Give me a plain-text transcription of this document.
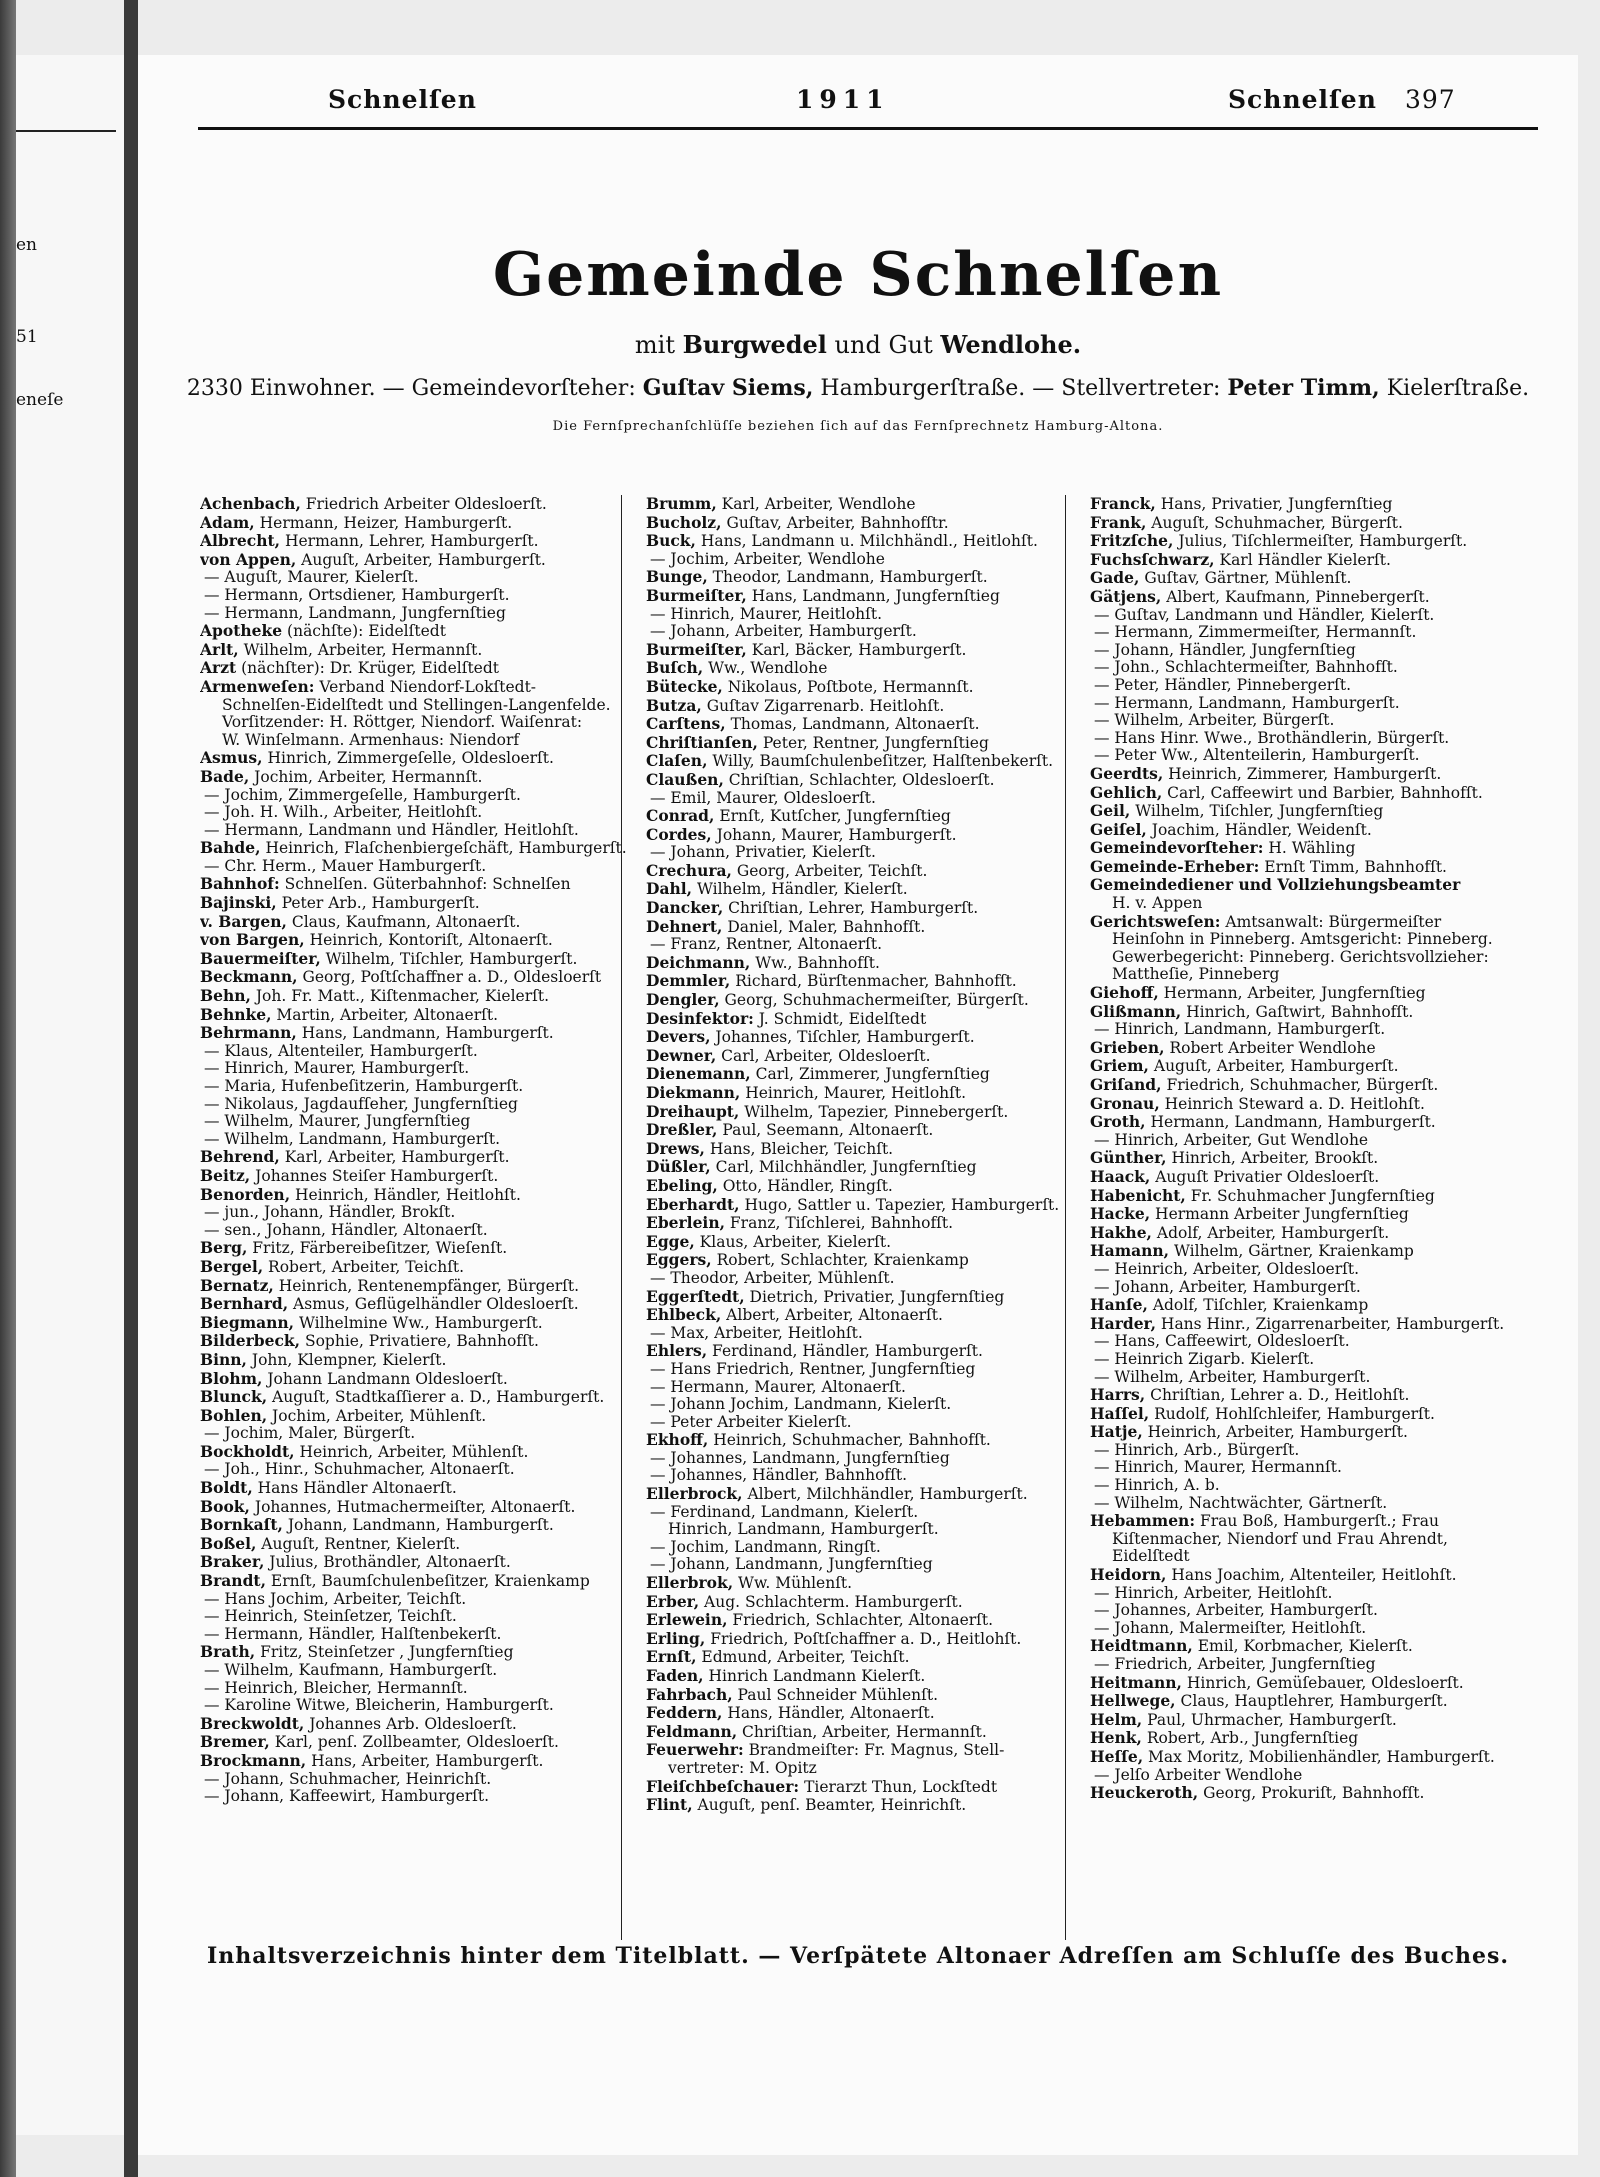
en
51
eneſe
Schnelſen	1911	Schnelſen 397
Gemeinde Schnelſen
mit Burgwedel und Gut Wendlohe.
2330 Einwohner. — Gemeindevorſteher: Guſtav Siems, Hamburgerſtraße. — Stellvertreter: Peter Timm, Kielerſtraße.
Die Fernſprechanſchlüſſe beziehen ſich auf das Fernſprechnetz Hamburg-Altona.
Achenbach, Friedrich Arbeiter Oldesloerſt.
Adam, Hermann, Heizer, Hamburgerſt.
Albrecht, Hermann, Lehrer, Hamburgerſt.
von Appen, Auguſt, Arbeiter, Hamburgerſt.
— Auguſt, Maurer, Kielerſt.
— Hermann, Ortsdiener, Hamburgerſt.
— Hermann, Landmann, Jungfernſtieg
Apotheke (nächſte): Eidelſtedt
Arlt, Wilhelm, Arbeiter, Hermannſt.
Arzt (nächſter): Dr. Krüger, Eidelſtedt
Armenweſen: Verband Niendorf-Lokſtedt-
Schnelſen-Eidelſtedt und Stellingen-Langenfelde.
Vorſitzender: H. Röttger, Niendorf. Waiſenrat:
W. Winſelmann. Armenhaus: Niendorf
Asmus, Hinrich, Zimmergeſelle, Oldesloerſt.
Bade, Jochim, Arbeiter, Hermannſt.
— Jochim, Zimmergeſelle, Hamburgerſt.
— Joh. H. Wilh., Arbeiter, Heitlohſt.
— Hermann, Landmann und Händler, Heitlohſt.
Bahde, Heinrich, Flaſchenbiergeſchäft, Hamburgerſt.
— Chr. Herm., Mauer Hamburgerſt.
Bahnhof: Schnelſen. Güterbahnhof: Schnelſen
Bajinski, Peter Arb., Hamburgerſt.
v. Bargen, Claus, Kaufmann, Altonaerſt.
von Bargen, Heinrich, Kontoriſt, Altonaerſt.
Bauermeiſter, Wilhelm, Tiſchler, Hamburgerſt.
Beckmann, Georg, Poſtſchaffner a. D., Oldesloerſt
Behn, Joh. Fr. Matt., Kiſtenmacher, Kielerſt.
Behnke, Martin, Arbeiter, Altonaerſt.
Behrmann, Hans, Landmann, Hamburgerſt.
— Klaus, Altenteiler, Hamburgerſt.
— Hinrich, Maurer, Hamburgerſt.
— Maria, Hufenbeſitzerin, Hamburgerſt.
— Nikolaus, Jagdaufſeher, Jungfernſtieg
— Wilhelm, Maurer, Jungfernſtieg
— Wilhelm, Landmann, Hamburgerſt.
Behrend, Karl, Arbeiter, Hamburgerſt.
Beitz, Johannes Steiſer Hamburgerſt.
Benorden, Heinrich, Händler, Heitlohſt.
— jun., Johann, Händler, Brokſt.
— sen., Johann, Händler, Altonaerſt.
Berg, Fritz, Färbereibeſitzer, Wieſenſt.
Bergel, Robert, Arbeiter, Teichſt.
Bernatz, Heinrich, Rentenempfänger, Bürgerſt.
Bernhard, Asmus, Geflügelhändler Oldesloerſt.
Biegmann, Wilhelmine Ww., Hamburgerſt.
Bilderbeck, Sophie, Privatiere, Bahnhofſt.
Binn, John, Klempner, Kielerſt.
Blohm, Johann Landmann Oldesloerſt.
Blunck, Auguſt, Stadtkaſſierer a. D., Hamburgerſt.
Bohlen, Jochim, Arbeiter, Mühlenſt.
— Jochim, Maler, Bürgerſt.
Bockholdt, Heinrich, Arbeiter, Mühlenſt.
— Joh., Hinr., Schuhmacher, Altonaerſt.
Boldt, Hans Händler Altonaerſt.
Book, Johannes, Hutmachermeiſter, Altonaerſt.
Bornkaſt, Johann, Landmann, Hamburgerſt.
Boßel, Auguſt, Rentner, Kielerſt.
Braker, Julius, Brothändler, Altonaerſt.
Brandt, Ernſt, Baumſchulenbeſitzer, Kraienkamp
— Hans Jochim, Arbeiter, Teichſt.
— Heinrich, Steinſetzer, Teichſt.
— Hermann, Händler, Halſtenbekerſt.
Brath, Fritz, Steinſetzer , Jungfernſtieg
— Wilhelm, Kaufmann, Hamburgerſt.
— Heinrich, Bleicher, Hermannſt.
— Karoline Witwe, Bleicherin, Hamburgerſt.
Breckwoldt, Johannes Arb. Oldesloerſt.
Bremer, Karl, penſ. Zollbeamter, Oldesloerſt.
Brockmann, Hans, Arbeiter, Hamburgerſt.
— Johann, Schuhmacher, Heinrichſt.
— Johann, Kaffeewirt, Hamburgerſt.
Brumm, Karl, Arbeiter, Wendlohe
Bucholz, Guſtav, Arbeiter, Bahnhofſtr.
Buck, Hans, Landmann u. Milchhändl., Heitlohſt.
— Jochim, Arbeiter, Wendlohe
Bunge, Theodor, Landmann, Hamburgerſt.
Burmeiſter, Hans, Landmann, Jungfernſtieg
— Hinrich, Maurer, Heitlohſt.
— Johann, Arbeiter, Hamburgerſt.
Burmeiſter, Karl, Bäcker, Hamburgerſt.
Buſch, Ww., Wendlohe
Bütecke, Nikolaus, Poſtbote, Hermannſt.
Butza, Guſtav Zigarrenarb. Heitlohſt.
Carſtens, Thomas, Landmann, Altonaerſt.
Chriſtianſen, Peter, Rentner, Jungfernſtieg
Claſen, Willy, Baumſchulenbeſitzer, Halſtenbekerſt.
Claußen, Chriſtian, Schlachter, Oldesloerſt.
— Emil, Maurer, Oldesloerſt.
Conrad, Ernſt, Kutſcher, Jungfernſtieg
Cordes, Johann, Maurer, Hamburgerſt.
— Johann, Privatier, Kielerſt.
Crechura, Georg, Arbeiter, Teichſt.
Dahl, Wilhelm, Händler, Kielerſt.
Dancker, Chriſtian, Lehrer, Hamburgerſt.
Dehnert, Daniel, Maler, Bahnhofſt.
— Franz, Rentner, Altonaerſt.
Deichmann, Ww., Bahnhofſt.
Demmler, Richard, Bürſtenmacher, Bahnhofſt.
Dengler, Georg, Schuhmachermeiſter, Bürgerſt.
Desinfektor: J. Schmidt, Eidelſtedt
Devers, Johannes, Tiſchler, Hamburgerſt.
Dewner, Carl, Arbeiter, Oldesloerſt.
Dienemann, Carl, Zimmerer, Jungfernſtieg
Diekmann, Heinrich, Maurer, Heitlohſt.
Dreihaupt, Wilhelm, Tapezier, Pinnebergerſt.
Dreßler, Paul, Seemann, Altonaerſt.
Drews, Hans, Bleicher, Teichſt.
Düßler, Carl, Milchhändler, Jungfernſtieg
Ebeling, Otto, Händler, Ringſt.
Eberhardt, Hugo, Sattler u. Tapezier, Hamburgerſt.
Eberlein, Franz, Tiſchlerei, Bahnhofſt.
Egge, Klaus, Arbeiter, Kielerſt.
Eggers, Robert, Schlachter, Kraienkamp
— Theodor, Arbeiter, Mühlenſt.
Eggerſtedt, Dietrich, Privatier, Jungfernſtieg
Ehlbeck, Albert, Arbeiter, Altonaerſt.
— Max, Arbeiter, Heitlohſt.
Ehlers, Ferdinand, Händler, Hamburgerſt.
— Hans Friedrich, Rentner, Jungfernſtieg
— Hermann, Maurer, Altonaerſt.
— Johann Jochim, Landmann, Kielerſt.
— Peter Arbeiter Kielerſt.
Ekhoff, Heinrich, Schuhmacher, Bahnhofſt.
— Johannes, Landmann, Jungfernſtieg
— Johannes, Händler, Bahnhofſt.
Ellerbrock, Albert, Milchhändler, Hamburgerſt.
— Ferdinand, Landmann, Kielerſt.
Hinrich, Landmann, Hamburgerſt.
— Jochim, Landmann, Ringſt.
— Johann, Landmann, Jungfernſtieg
Ellerbrok, Ww. Mühlenſt.
Erber, Aug. Schlachterm. Hamburgerſt.
Erlewein, Friedrich, Schlachter, Altonaerſt.
Erling, Friedrich, Poſtſchaffner a. D., Heitlohſt.
Ernſt, Edmund, Arbeiter, Teichſt.
Faden, Hinrich Landmann Kielerſt.
Fahrbach, Paul Schneider Mühlenſt.
Feddern, Hans, Händler, Altonaerſt.
Feldmann, Chriſtian, Arbeiter, Hermannſt.
Feuerwehr: Brandmeiſter: Fr. Magnus, Stell-
vertreter: M. Opitz
Fleiſchbeſchauer: Tierarzt Thun, Lockſtedt
Flint, Auguſt, penſ. Beamter, Heinrichſt.
Franck, Hans, Privatier, Jungfernſtieg
Frank, Auguſt, Schuhmacher, Bürgerſt.
Fritzſche, Julius, Tiſchlermeiſter, Hamburgerſt.
Fuchsſchwarz, Karl Händler Kielerſt.
Gade, Guſtav, Gärtner, Mühlenſt.
Gätjens, Albert, Kaufmann, Pinnebergerſt.
— Guſtav, Landmann und Händler, Kielerſt.
— Hermann, Zimmermeiſter, Hermannſt.
— Johann, Händler, Jungfernſtieg
— John., Schlachtermeiſter, Bahnhofſt.
— Peter, Händler, Pinnebergerſt.
— Hermann, Landmann, Hamburgerſt.
— Wilhelm, Arbeiter, Bürgerſt.
— Hans Hinr. Wwe., Brothändlerin, Bürgerſt.
— Peter Ww., Altenteilerin, Hamburgerſt.
Geerdts, Heinrich, Zimmerer, Hamburgerſt.
Gehlich, Carl, Caffeewirt und Barbier, Bahnhofſt.
Geil, Wilhelm, Tiſchler, Jungfernſtieg
Geiſel, Joachim, Händler, Weidenſt.
Gemeindevorſteher: H. Wähling
Gemeinde-Erheber: Ernſt Timm, Bahnhofſt.
Gemeindediener und Vollziehungsbeamter
H. v. Appen
Gerichtsweſen: Amtsanwalt: Bürgermeiſter
Heinſohn in Pinneberg. Amtsgericht: Pinneberg.
Gewerbegericht: Pinneberg. Gerichtsvollzieher:
Mattheſie, Pinneberg
Giehoff, Hermann, Arbeiter, Jungfernſtieg
Glißmann, Hinrich, Gaſtwirt, Bahnhofſt.
— Hinrich, Landmann, Hamburgerſt.
Grieben, Robert Arbeiter Wendlohe
Griem, Auguſt, Arbeiter, Hamburgerſt.
Griſand, Friedrich, Schuhmacher, Bürgerſt.
Gronau, Heinrich Steward a. D. Heitlohſt.
Groth, Hermann, Landmann, Hamburgerſt.
— Hinrich, Arbeiter, Gut Wendlohe
Günther, Hinrich, Arbeiter, Brookſt.
Haack, Auguſt Privatier Oldesloerſt.
Habenicht, Fr. Schuhmacher Jungfernſtieg
Hacke, Hermann Arbeiter Jungfernſtieg
Hakhe, Adolf, Arbeiter, Hamburgerſt.
Hamann, Wilhelm, Gärtner, Kraienkamp
— Heinrich, Arbeiter, Oldesloerſt.
— Johann, Arbeiter, Hamburgerſt.
Hanſe, Adolf, Tiſchler, Kraienkamp
Harder, Hans Hinr., Zigarrenarbeiter, Hamburgerſt.
— Hans, Caffeewirt, Oldesloerſt.
— Heinrich Zigarb. Kielerſt.
— Wilhelm, Arbeiter, Hamburgerſt.
Harrs, Chriſtian, Lehrer a. D., Heitlohſt.
Haſſel, Rudolf, Hohlſchleifer, Hamburgerſt.
Hatje, Heinrich, Arbeiter, Hamburgerſt.
— Hinrich, Arb., Bürgerſt.
— Hinrich, Maurer, Hermannſt.
— Hinrich, A. b.
— Wilhelm, Nachtwächter, Gärtnerſt.
Hebammen: Frau Boß, Hamburgerſt.; Frau
Kiſtenmacher, Niendorf und Frau Ahrendt,
Eidelſtedt
Heidorn, Hans Joachim, Altenteiler, Heitlohſt.
— Hinrich, Arbeiter, Heitlohſt.
— Johannes, Arbeiter, Hamburgerſt.
— Johann, Malermeiſter, Heitlohſt.
Heidtmann, Emil, Korbmacher, Kielerſt.
— Friedrich, Arbeiter, Jungfernſtieg
Heitmann, Hinrich, Gemüſebauer, Oldesloerſt.
Hellwege, Claus, Hauptlehrer, Hamburgerſt.
Helm, Paul, Uhrmacher, Hamburgerſt.
Henk, Robert, Arb., Jungfernſtieg
Heſſe, Max Moritz, Mobilienhändler, Hamburgerſt.
— Jelſo Arbeiter Wendlohe
Heuckeroth, Georg, Prokuriſt, Bahnhofſt.
Inhaltsverzeichnis hinter dem Titelblatt. — Verſpätete Altonaer Adreſſen am Schluſſe des Buches.
